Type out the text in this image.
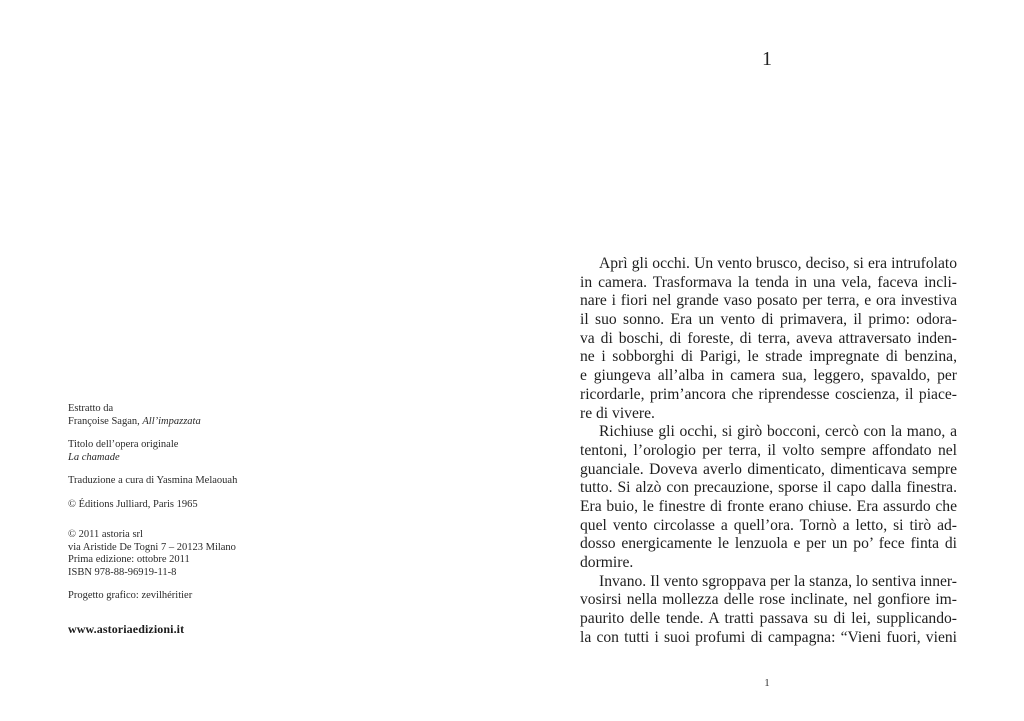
Estratto da

Françoise Sagan, All’impazzata

Titolo dell’opera originale

La chamade

Traduzione a cura di Yasmina Melaouah

© Éditions Julliard, Paris 1965

© 2011 astoria srl

via Aristide De Togni 7 – 20123 Milano

Prima edizione: ottobre 2011

ISBN 978-88-96919-11-8

Progetto grafico: zevilhéritier

www.astoriaedizioni.it
1
Aprì gli occhi. Un vento brusco, deciso, si era intrufolato
in camera. Trasformava la tenda in una vela, faceva incli-
nare i fiori nel grande vaso posato per terra, e ora investiva
il suo sonno. Era un vento di primavera, il primo: odora-
va di boschi, di foreste, di terra, aveva attraversato inden-
ne i sobborghi di Parigi, le strade impregnate di benzina,
e giungeva all’alba in camera sua, leggero, spavaldo, per
ricordarle, prim’ancora che riprendesse coscienza, il piace-
re di vivere.
Richiuse gli occhi, si girò bocconi, cercò con la mano, a
tentoni, l’orologio per terra, il volto sempre affondato nel
guanciale. Doveva averlo dimenticato, dimenticava sempre
tutto. Si alzò con precauzione, sporse il capo dalla finestra.
Era buio, le finestre di fronte erano chiuse. Era assurdo che
quel vento circolasse a quell’ora. Tornò a letto, si tirò ad-
dosso energicamente le lenzuola e per un po’ fece finta di
dormire.
Invano. Il vento sgroppava per la stanza, lo sentiva inner-
vosirsi nella mollezza delle rose inclinate, nel gonfiore im-
paurito delle tende. A tratti passava su di lei, supplicando-
la con tutti i suoi profumi di campagna: “Vieni fuori, vieni
1
